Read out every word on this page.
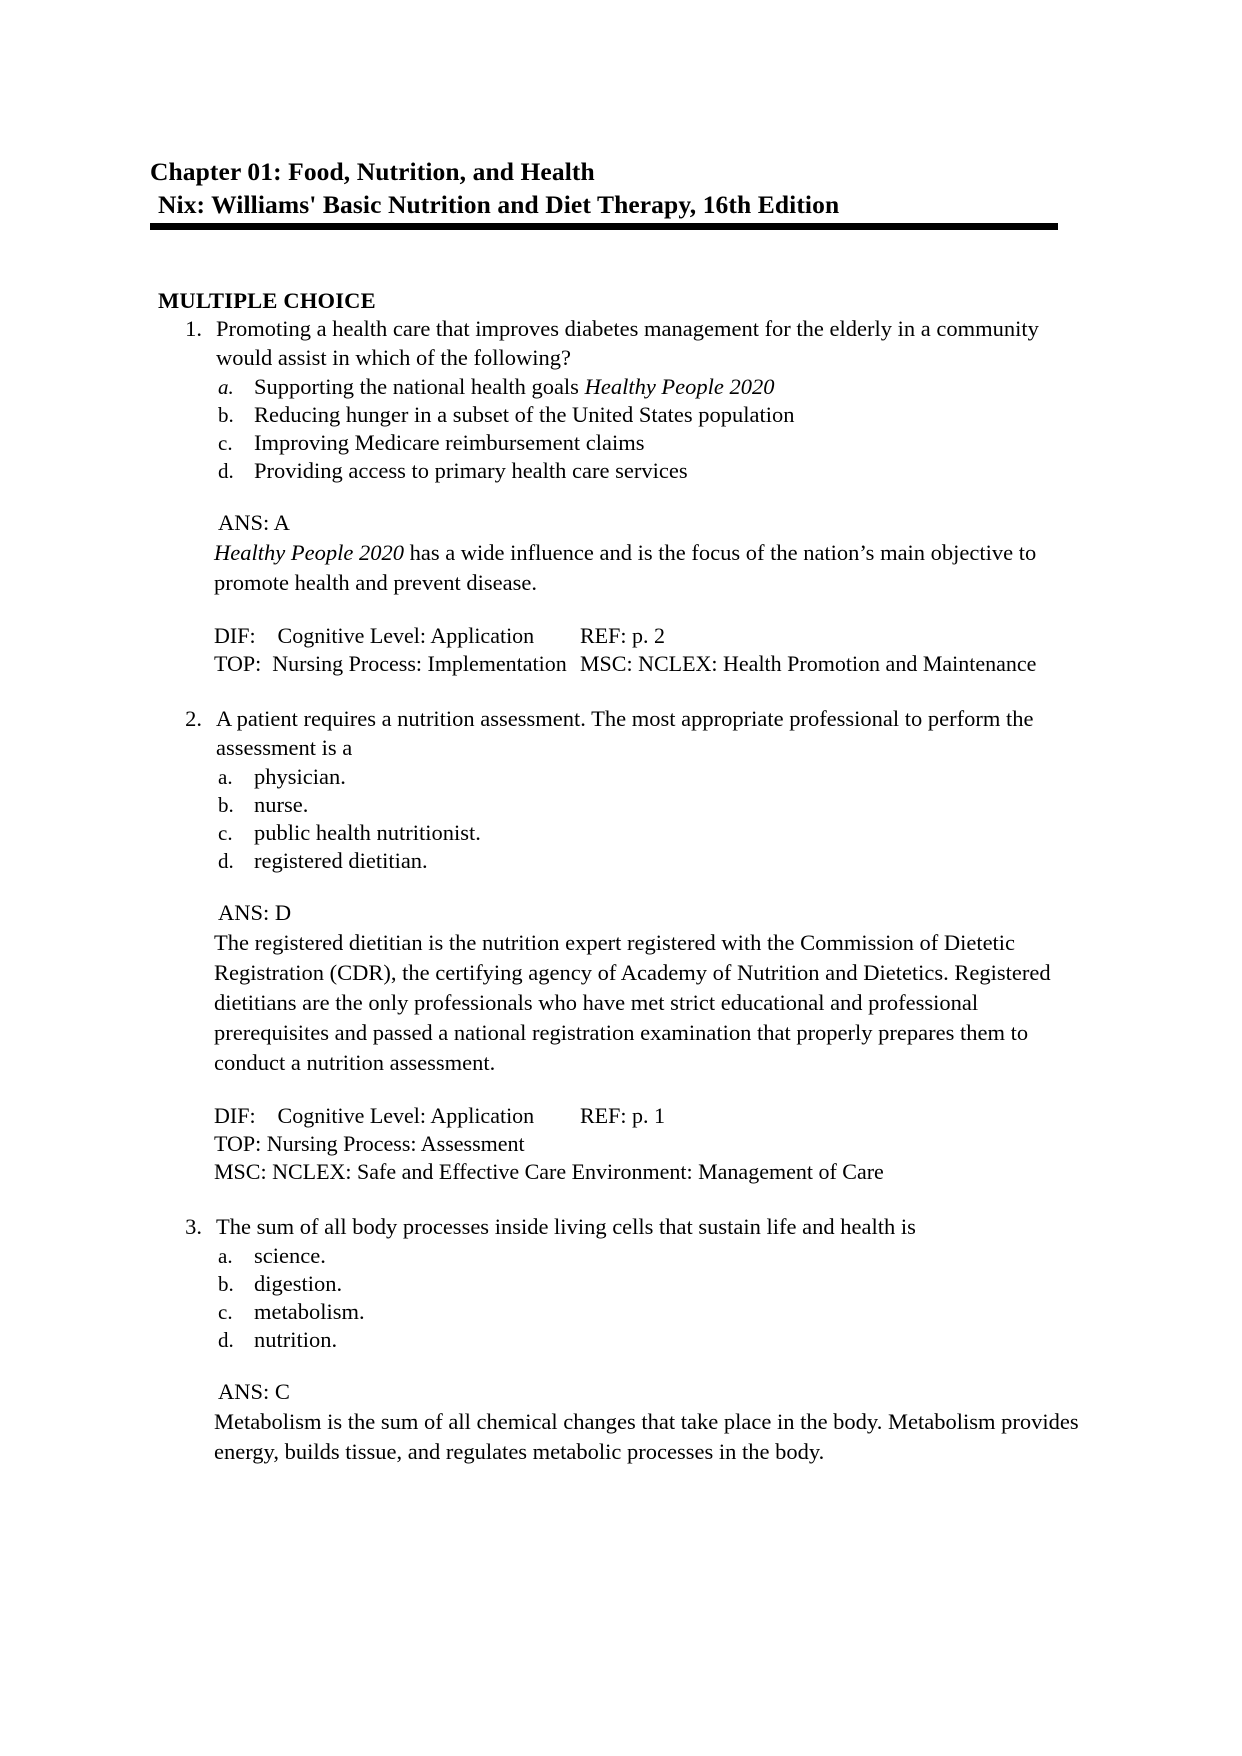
Chapter 01: Food, Nutrition, and Health
Nix: Williams' Basic Nutrition and Diet Therapy, 16th Edition
MULTIPLE CHOICE
1. Promoting a health care that improves diabetes management for the elderly in a community would assist in which of the following?
a. Supporting the national health goals Healthy People 2020
b. Reducing hunger in a subset of the United States population
c. Improving Medicare reimbursement claims
d. Providing access to primary health care services
ANS: A
Healthy People 2020 has a wide influence and is the focus of the nation’s main objective to promote health and prevent disease.
DIF:    Cognitive Level: Application	REF: p. 2
TOP:  Nursing Process: Implementation MSC: NCLEX: Health Promotion and Maintenance
2. A patient requires a nutrition assessment. The most appropriate professional to perform the assessment is a
a. physician.
b. nurse.
c. public health nutritionist.
d. registered dietitian.
ANS: D
The registered dietitian is the nutrition expert registered with the Commission of Dietetic Registration (CDR), the certifying agency of Academy of Nutrition and Dietetics. Registered dietitians are the only professionals who have met strict educational and professional prerequisites and passed a national registration examination that properly prepares them to conduct a nutrition assessment.
DIF:    Cognitive Level: Application	REF: p. 1
TOP: Nursing Process: Assessment
MSC: NCLEX: Safe and Effective Care Environment: Management of Care
3. The sum of all body processes inside living cells that sustain life and health is
a. science.
b. digestion.
c. metabolism.
d. nutrition.
ANS: C
Metabolism is the sum of all chemical changes that take place in the body. Metabolism provides energy, builds tissue, and regulates metabolic processes in the body.
